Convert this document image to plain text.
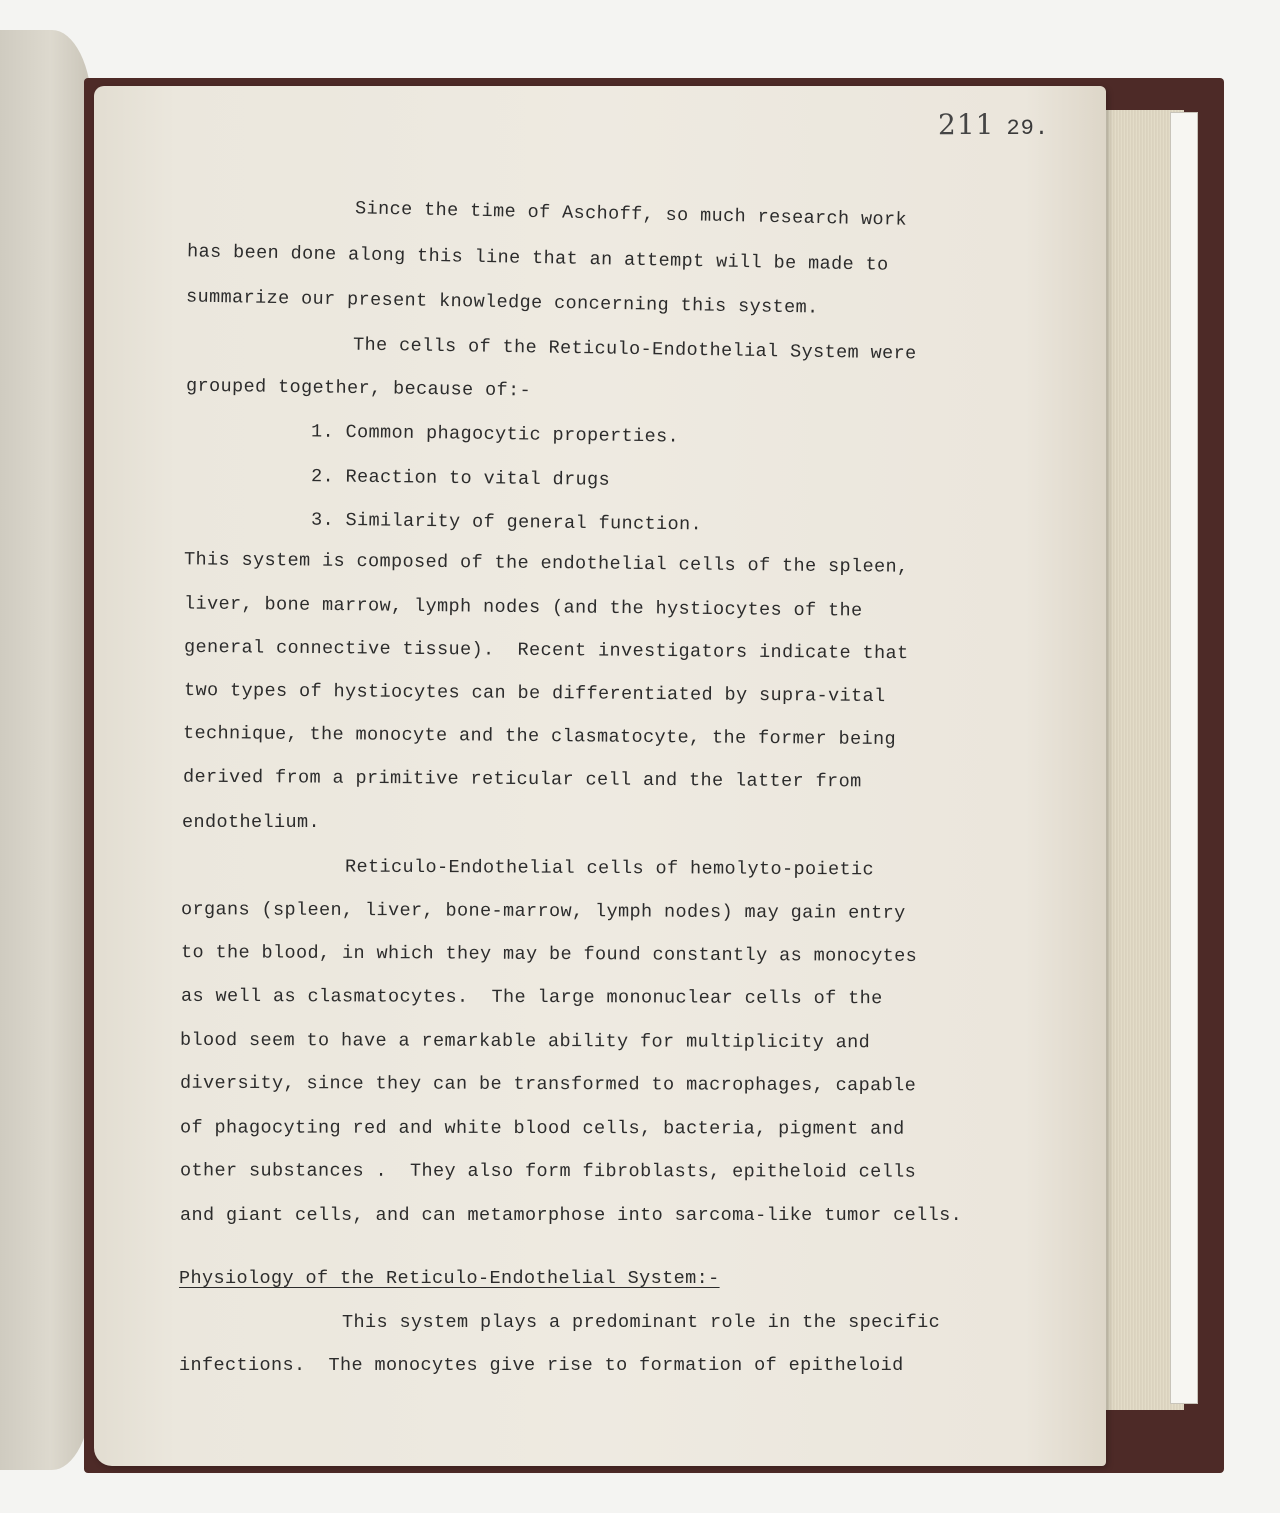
211 29.
Since the time of Aschoff, so much research work
has been done along this line that an attempt will be made to
summarize our present knowledge concerning this system.
The cells of the Reticulo-Endothelial System were
grouped together, because of:-
1. Common phagocytic properties.
2. Reaction to vital drugs
3. Similarity of general function.
This system is composed of the endothelial cells of the spleen,
liver, bone marrow, lymph nodes (and the hystiocytes of the
general connective tissue).  Recent investigators indicate that
two types of hystiocytes can be differentiated by supra-vital
technique, the monocyte and the clasmatocyte, the former being
derived from a primitive reticular cell and the latter from
endothelium.
Reticulo-Endothelial cells of hemolyto-poietic
organs (spleen, liver, bone-marrow, lymph nodes) may gain entry
to the blood, in which they may be found constantly as monocytes
as well as clasmatocytes.  The large mononuclear cells of the
blood seem to have a remarkable ability for multiplicity and
diversity, since they can be transformed to macrophages, capable
of phagocyting red and white blood cells, bacteria, pigment and
other substances .  They also form fibroblasts, epitheloid cells
and giant cells, and can metamorphose into sarcoma-like tumor cells.
Physiology of the Reticulo-Endothelial System:-
This system plays a predominant role in the specific
infections.  The monocytes give rise to formation of epitheloid
